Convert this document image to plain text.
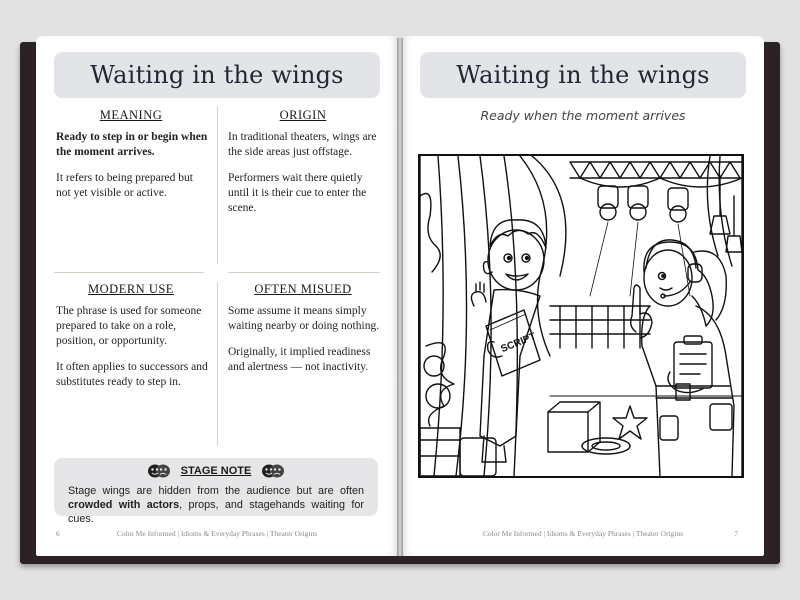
Waiting in the wings
MEANING

Ready to step in or begin when the moment arrives.

It refers to being prepared but not yet visible or active.

ORIGIN

In traditional theaters, wings are the side areas just offstage.

Performers wait there quietly until it is their cue to enter the scene.

MODERN USE

The phrase is used for someone prepared to take on a role, position, or opportunity.

It often applies to successors and substitutes ready to step in.

OFTEN MISUED

Some assume it means simply waiting nearby or doing nothing.

Originally, it implied readiness and alertness — not inactivity.

STAGE NOTE
Stage wings are hidden from the audience but are often crowded with actors, props, and stagehands waiting for cues.
6	Color Me Informed | Idioms & Everyday Phrases | Theater Origins
Waiting in the wings
Ready when the moment arrives
SCRIPT
Color Me Informed | Idioms & Everyday Phrases | Theater Origins	7
